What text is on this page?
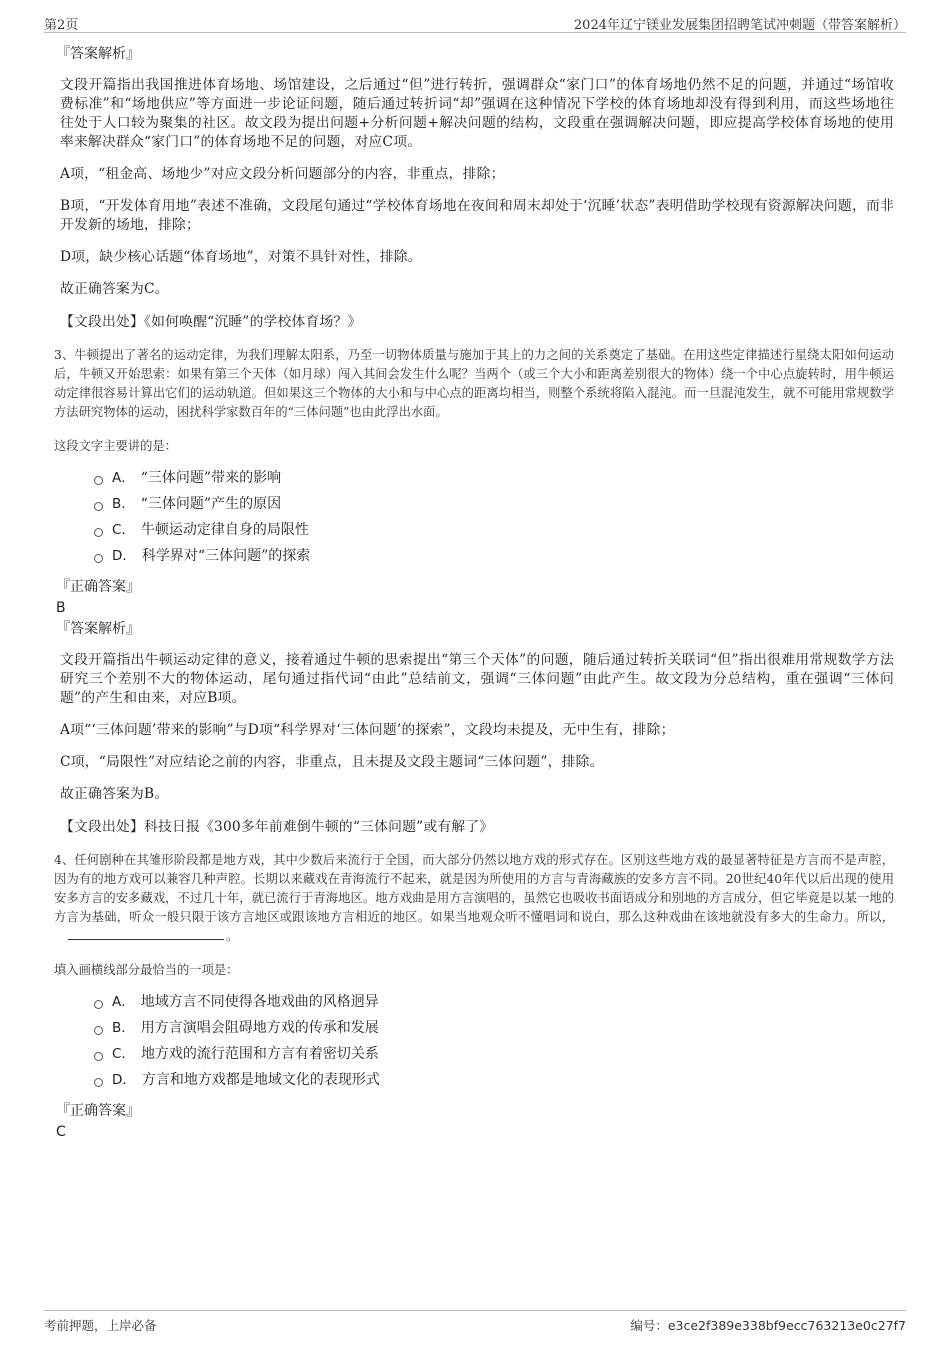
第2页	2024年辽宁镁业发展集团招聘笔试冲刺题（带答案解析）
『答案解析』

文段开篇指出我国推进体育场地、场馆建设，之后通过“但”进行转折，强调群众“家门口”的体育场地仍然不足的问题，并通过“场馆收费标准”和“场地供应”等方面进一步论证问题，随后通过转折词“却”强调在这种情况下学校的体育场地却没有得到利用，而这些场地往往处于人口较为聚集的社区。故文段为提出问题+分析问题+解决问题的结构，文段重在强调解决问题，即应提高学校体育场地的使用率来解决群众“家门口”的体育场地不足的问题，对应C项。

A项，“租金高、场地少”对应文段分析问题部分的内容，非重点，排除；

B项，“开发体育用地”表述不准确，文段尾句通过“学校体育场地在夜间和周末却处于‘沉睡’状态”表明借助学校现有资源解决问题，而非开发新的场地，排除；

D项，缺少核心话题“体育场地”，对策不具针对性，排除。

故正确答案为C。

【文段出处】《如何唤醒“沉睡”的学校体育场？》

3、牛顿提出了著名的运动定律，为我们理解太阳系，乃至一切物体质量与施加于其上的力之间的关系奠定了基础。在用这些定律描述行星绕太阳如何运动后，牛顿又开始思索：如果有第三个天体（如月球）闯入其间会发生什么呢？当两个（或三个大小和距离差别很大的物体）绕一个中心点旋转时，用牛顿运动定律很容易计算出它们的运动轨道。但如果这三个物体的大小和与中心点的距离均相当，则整个系统将陷入混沌。而一旦混沌发生，就不可能用常规数学方法研究物体的运动，困扰科学家数百年的“三体问题”也由此浮出水面。

这段文字主要讲的是：

A． “三体问题”带来的影响
B． “三体问题”产生的原因
C． 牛顿运动定律自身的局限性
D． 科学界对“三体问题”的探索
『正确答案』
B
『答案解析』

文段开篇指出牛顿运动定律的意义，接着通过牛顿的思索提出“第三个天体”的问题，随后通过转折关联词“但”指出很难用常规数学方法研究三个差别不大的物体运动，尾句通过指代词“由此”总结前文，强调“三体问题”由此产生。故文段为分总结构，重在强调“三体问题”的产生和由来，对应B项。

A项“‘三体问题’带来的影响”与D项“科学界对‘三体问题’的探索”，文段均未提及，无中生有，排除；

C项，“局限性”对应结论之前的内容，非重点，且未提及文段主题词“三体问题”，排除。

故正确答案为B。

【文段出处】科技日报《300多年前难倒牛顿的“三体问题”或有解了》

4、任何剧种在其雏形阶段都是地方戏，其中少数后来流行于全国，而大部分仍然以地方戏的形式存在。区别这些地方戏的最显著特征是方言而不是声腔，因为有的地方戏可以兼容几种声腔。长期以来藏戏在青海流行不起来，就是因为所使用的方言与青海藏族的安多方言不同。20世纪40年代以后出现的使用安多方言的安多藏戏，不过几十年，就已流行于青海地区。地方戏曲是用方言演唱的，虽然它也吸收书面语成分和别地的方言成分，但它毕竟是以某一地的方言为基础，听众一般只限于该方言地区或跟该地方言相近的地区。如果当地观众听不懂唱词和说白，那么这种戏曲在该地就没有多大的生命力。所以，。

填入画横线部分最恰当的一项是：

A． 地域方言不同使得各地戏曲的风格迥异
B． 用方言演唱会阻碍地方戏的传承和发展
C． 地方戏的流行范围和方言有着密切关系
D． 方言和地方戏都是地域文化的表现形式
『正确答案』
C
考前押题，上岸必备	编号：e3ce2f389e338bf9ecc763213e0c27f7
